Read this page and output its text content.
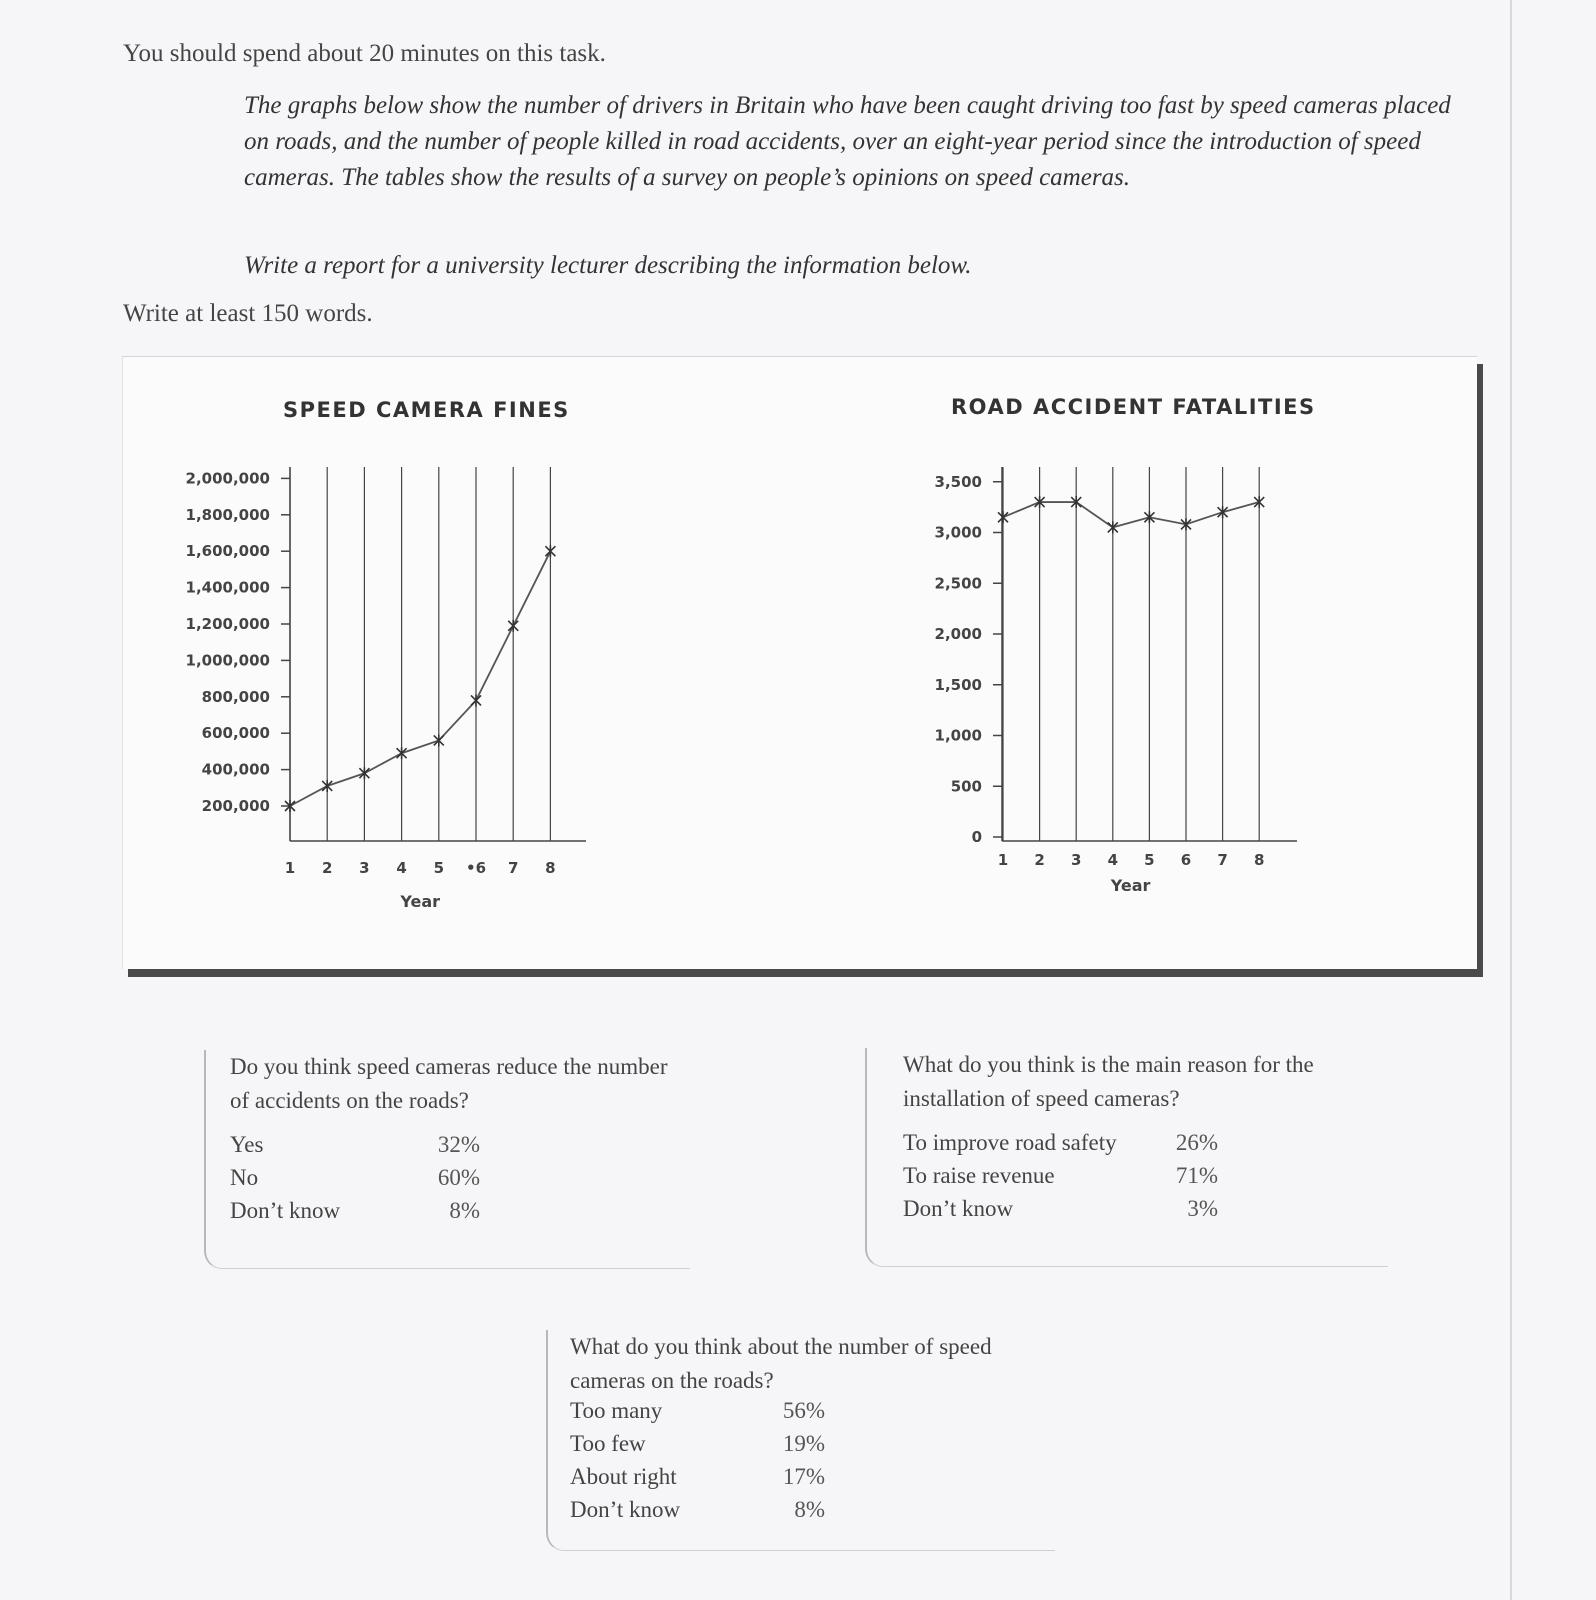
You should spend about 20 minutes on this task.

The graphs below show the number of drivers in Britain who have been caught driving too fast by speed cameras placed on roads, and the number of people killed in road accidents, over an eight-year period since the introduction of speed cameras. The tables show the results of a survey on people’s opinions on speed cameras.

Write a report for a university lecturer describing the information below.

Write at least 150 words.

SPEED CAMERA FINES
200,000
400,000
600,000
800,000
1,000,000
1,200,000
1,400,000
1,600,000
1,800,000
2,000,000
1 2 3 4 5 •6 7 8
Year
ROAD ACCIDENT FATALITIES
0
500
1,000
1,500
2,000
2,500
3,000
3,500
1 2 3 4 5 6 7 8
Year

Do you think speed cameras reduce the number of accidents on the roads?

Yes	32%
No	60%
Don’t know	8%

What do you think is the main reason for the installation of speed cameras?

To improve road safety	26%
To raise revenue	71%
Don’t know	3%

What do you think about the number of speed cameras on the roads?

Too many	56%
Too few	19%
About right	17%
Don’t know	8%
